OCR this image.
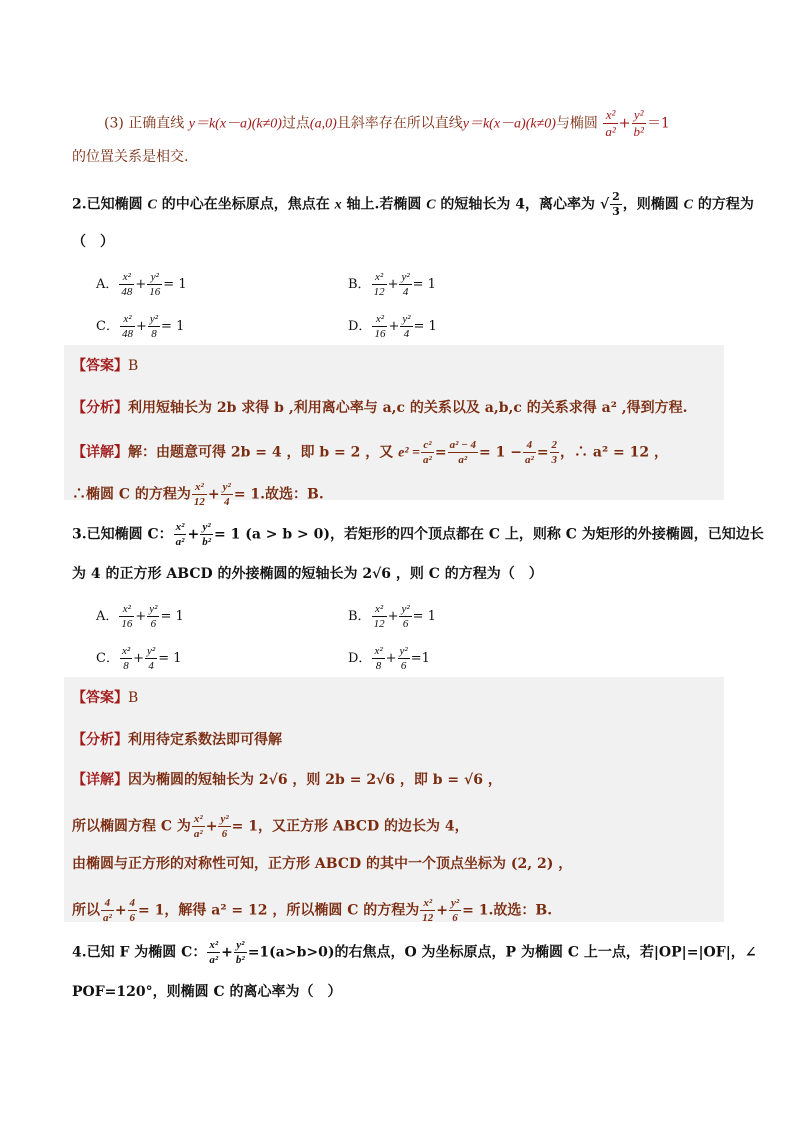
(3) 正确直线 y＝k(x－a)(k≠0)过点(a,0)且斜率存在所以直线y＝k(x－a)(k≠0)与椭圆 $\frac{\text{x²}}{\text{a²}} + \frac{\text{y²}}{\text{b²}} =1$
的位置关系是相交.
2.已知椭圆 C 的中心在坐标原点，焦点在 x 轴上.若椭圆 C 的短轴长为 4，离心率为 √ $\frac{2}{3}$ ，则椭圆 C 的方程为
（　）
A． $\frac{\text{x²}}{48} + \frac{\text{y²}}{16} = 1$	B． $\frac{\text{x²}}{12} + \frac{\text{y²}}{4} = 1$
C． $\frac{\text{x²}}{48} + \frac{\text{y²}}{8} = 1$	D． $\frac{\text{x²}}{16} + \frac{\text{y²}}{4} = 1$
【答案】B
【分析】利用短轴长为 2b 求得 b ,利用离心率与 a,c 的关系以及 a,b,c 的关系求得 a² ,得到方程.
【详解】解：由题意可得 2b = 4 ，即 b = 2 ，又 $e^2 = \frac{\text{c²}}{\text{a²}} = \frac{\text{a² − 4}}{\text{a²}} = 1 - \frac{4}{\text{a²}} = \frac{2}{3}$ ，∴ a² = 12 ，
∴椭圆 C 的方程为 $\frac{\text{x²}}{12} + \frac{\text{y²}}{4} = 1$.故选：B.
3.已知椭圆 C： $\frac{\text{x²}}{\text{a²}} + \frac{\text{y²}}{\text{b²}} = 1$ (a > b > 0)，若矩形的四个顶点都在 C 上，则称 C 为矩形的外接椭圆，已知边长
为 4 的正方形 ABCD 的外接椭圆的短轴长为 2√6 ，则 C 的方程为（　）
A． $\frac{\text{x²}}{16} + \frac{\text{y²}}{6} = 1$	B． $\frac{\text{x²}}{12} + \frac{\text{y²}}{6} = 1$
C． $\frac{\text{x²}}{8} + \frac{\text{y²}}{4} = 1$	D． $\frac{\text{x²}}{8} + \frac{\text{y²}}{6} =1$
【答案】B
【分析】利用待定系数法即可得解
【详解】因为椭圆的短轴长为 2√6 ，则 2b = 2√6 ，即 b = √6 ，
所以椭圆方程 C 为 $\frac{\text{x²}}{\text{a²}} + \frac{\text{y²}}{6} = 1$，又正方形 ABCD 的边长为 4，
由椭圆与正方形的对称性可知，正方形 ABCD 的其中一个顶点坐标为 (2, 2) ，
所以 $\frac{4}{\text{a²}} + \frac{4}{6} = 1$，解得 a² = 12 ，所以椭圆 C 的方程为 $\frac{\text{x²}}{12} + \frac{\text{y²}}{6} = 1$.故选：B.
4.已知 F 为椭圆 C： $\frac{\text{x²}}{\text{a²}} + \frac{\text{y²}}{\text{b²}} =1(a>b>0)$的右焦点，O 为坐标原点，P 为椭圆 C 上一点，若|OP|=|OF|，∠
POF=120°，则椭圆 C 的离心率为（　）
